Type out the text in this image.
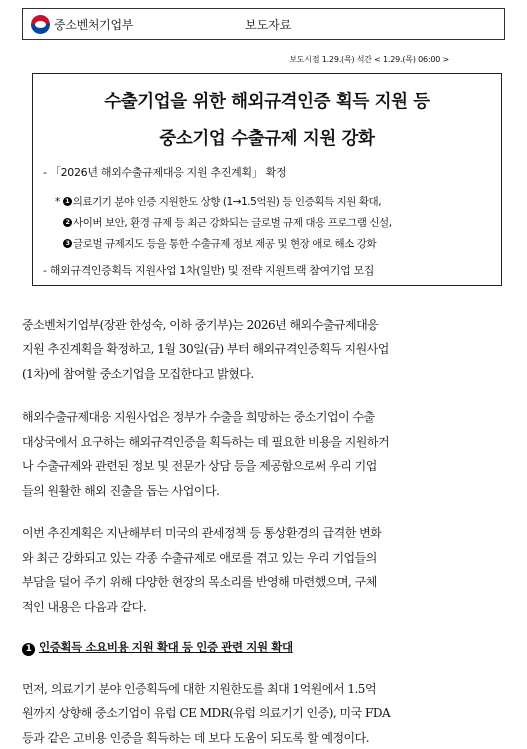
중소벤처기업부	보도자료
보도시점 1.29.(목) 석간 < 1.29.(목) 06:00 >
수출기업을 위한 해외규격인증 획득 지원 등
중소기업 수출규제 지원 강화
- 「2026년 해외수출규제대응 지원 추진계획」 확정
* 1 의료기기 분야 인증 지원한도 상향 (1→1.5억원) 등 인증획득 지원 확대,
2 사이버 보안, 환경 규제 등 최근 강화되는 글로벌 규제 대응 프로그램 신설,
3 글로벌 규제지도 등을 통한 수출규제 정보 제공 및 현장 애로 해소 강화
- 해외규격인증획득 지원사업 1차(일반) 및 전략 지원트랙 참여기업 모집
중소벤처기업부(장관 한성숙, 이하 중기부)는 2026년 해외수출규제대응
지원 추진계획을 확정하고, 1월 30일(금) 부터 해외규격인증획득 지원사업
(1차)에 참여할 중소기업을 모집한다고 밝혔다.
해외수출규제대응 지원사업은 정부가 수출을 희망하는 중소기업이 수출
대상국에서 요구하는 해외규격인증을 획득하는 데 필요한 비용을 지원하거
나 수출규제와 관련된 정보 및 전문가 상담 등을 제공함으로써 우리 기업
들의 원활한 해외 진출을 돕는 사업이다.
이번 추진계획은 지난해부터 미국의 관세정책 등 통상환경의 급격한 변화
와 최근 강화되고 있는 각종 수출규제로 애로를 겪고 있는 우리 기업들의
부담을 덜어 주기 위해 다양한 현장의 목소리를 반영해 마련했으며, 구체
적인 내용은 다음과 같다.
1 인증획득 소요비용 지원 확대 등 인증 관련 지원 확대
먼저, 의료기기 분야 인증획득에 대한 지원한도를 최대 1억원에서 1.5억
원까지 상향해 중소기업이 유럽 CE MDR(유럽 의료기기 인증), 미국 FDA
등과 같은 고비용 인증을 획득하는 데 보다 도움이 되도록 할 예정이다.
